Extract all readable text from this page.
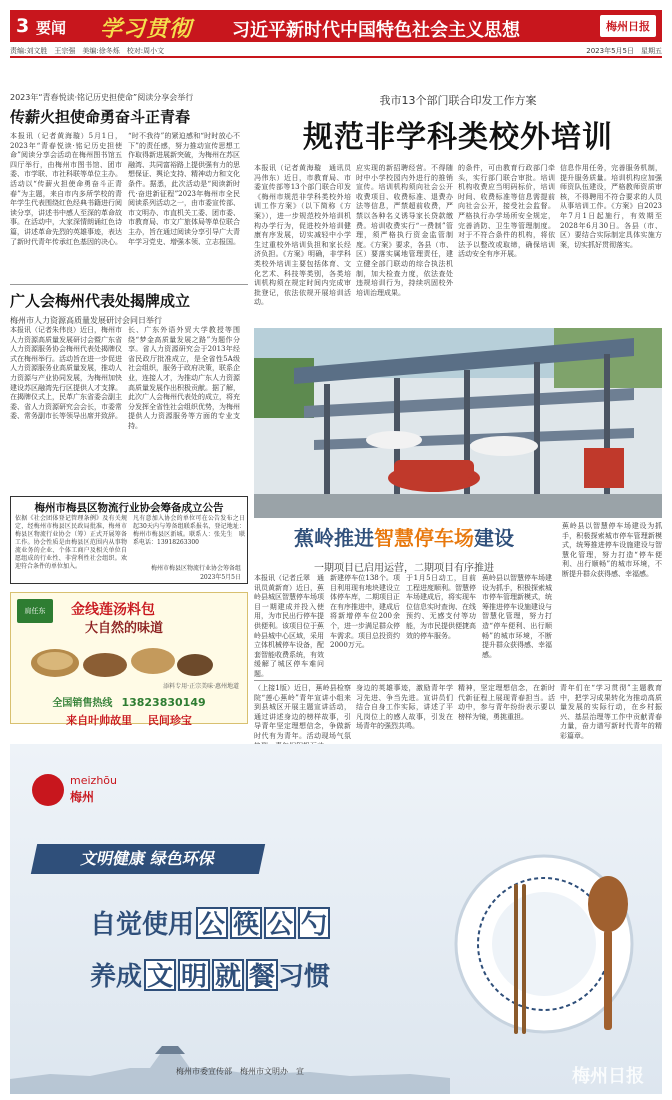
3 要闻 学习贯彻 习近平新时代中国特色社会主义思想	梅州日报
责编:刘文胜　王宗强　美编:徐冬烁　校对:周小文	2023年5月5日　星期五
2023年“青春悦读·铭记历史担使命”阅读分享会举行
传薪火担使命勇奋斗正青春
本报讯（记者黄海璇）5月1日，2023年“青春悦读·铭记历史担使命”阅读分享会活动在梅州图书馆五四厅举行，由梅州市图书馆、团市委、市学联、市社科联等单位主办。活动以“传薪火担使命勇奋斗正青春”为主题，来自市内多所学校的青年学生代表围绕红色经典书籍进行阅读分享，讲述书中感人至深的革命故事。在活动中，大家深情朗诵红色诗篇，讲述革命先烈的英雄事迹，表达了新时代青年传承红色基因的决心。
“时不我待”的紧迫感和“时时放心不下”的责任感，努力推动宣传思想工作取得新进展新突破，为梅州在苏区融湾、共同富裕路上提供强有力的思想保证、舆论支持、精神动力和文化条件。据悉，此次活动是“阅读新时代·奋进新征程”2023年梅州市全民阅读系列活动之一，由市委宣传部、市文明办、市直机关工委、团市委、市教育局、市文广旅体局等单位联合主办，旨在通过阅读分享引导广大青年学习党史、增强本领、立志报国。
广人会梅州代表处揭牌成立
梅州市人力资源高质量发展研讨会同日举行
本报讯（记者朱伟良）近日，梅州市人力资源高质量发展研讨会暨广东省人力资源服务协会梅州代表处揭牌仪式在梅州举行。活动旨在进一步促进人力资源服务业高质量发展，推动人力资源与产业协同发展，为梅州加快建设苏区融湾先行区提供人才支撑。在揭牌仪式上，民革广东省委会副主委、省人力资源研究会会长，市委常委、常务副市长等领导出席并致辞。
长、广东外语外贸大学教授等围绕“梦金高质量发展之路”为题作分享。省人力资源研究会于2013年经省民政厅批准成立，是全省性5A级社会组织，服务于政府决策，联系企业，连接人才，为推动广东人力资源高质量发展作出积极贡献。据了解，此次广人会梅州代表处的成立，将充分发挥全省性社会组织优势，为梅州提供人力资源服务等方面的专业支持。
梅州市梅县区物流行业协会筹备成立公告
依据《社会团体登记管理条例》及有关规定，经梅州市梅县区民政局批准，梅州市梅县区物流行业协会（筹）正式开展筹备工作。协会性质是由梅县区范围内从事物流业务的企业、个体工商户及相关单位自愿组成的行业性、非营利性社会组织。欢迎符合条件的单位加入。
凡有意加入协会的单位可在公告发布之日起30天内与筹备组联系报名，登记地址：梅州市梅县区新城。联系人：张先生　联系电话：13918263300
梅州市梅县区物流行业协会筹备组
2023年5月5日
肩任东	金线莲汤料包
大自然的味道
添料专用·正宗美味·惠州地道
全国销售热线 13823830149
来自叶帅故里 民间珍宝
我市13个部门联合印发工作方案
规范非学科类校外培训
本报讯（记者黄海璇　通讯员冯伟东）近日，市教育局、市委宣传部等13个部门联合印发《梅州市规范非学科类校外培训工作方案》（以下简称《方案》），进一步规范校外培训机构办学行为，促进校外培训健康有序发展，切实减轻中小学生过重校外培训负担和家长经济负担。《方案》明确，非学科类校外培训主要包括体育、文化艺术、科技等类别，各类培训机构须在规定时间内完成审批登记，依法依规开展培训活动。
应实现的新招聘经营。不得随时中小学校园内外进行的推销宣传。培训机构须向社会公开收费项目、收费标准、退费办法等信息，严禁超前收费，严禁以各种名义诱导家长贷款缴费。培训收费实行“一费制”管理，须严格执行资金监管制度。《方案》要求，各县（市、区）要落实属地管理责任，建立健全部门联动的综合执法机制，加大检查力度，依法查处违规培训行为，持续巩固校外培训治理成果。
的条件，可由教育行政部门牵头，实行部门联合审批。培训机构收费应当明码标价，培训时间、收费标准等信息需提前向社会公开，接受社会监督。严格执行办学场所安全规定，完善消防、卫生等管理制度。对于不符合条件的机构，将依法予以整改或取缔，确保培训活动安全有序开展。
信息作用任务，完善服务机制，提升服务质量。培训机构应加强师资队伍建设，严格教师资质审核，不得聘用不符合要求的人员从事培训工作。《方案》自2023年7月1日起施行，有效期至2028年6月30日。各县（市、区）要结合实际制定具体实施方案，切实抓好贯彻落实。
蕉岭推进智慧停车场建设
一期项目已启用运营，二期项目有序推进
本报讯（记者丘翠　通讯员黄新育）近日，蕉岭县城区智慧停车场项目一期建成并投入使用，为市民出行停车提供便利。该项目位于蕉岭县城中心区域，采用立体机械停车设备，配套智能收费系统，有效缓解了城区停车难问题。
新建停车位138个。项目利用现有地块建设立体停车库，二期项目正在有序推进中，建成后将新增停车位200余个，进一步满足群众停车需求。项目总投资约2000万元。
于1月5日动工，目前工程进度顺利。智慧停车场建成后，将实现车位信息实时查询、在线预约、无感支付等功能，为市民提供便捷高效的停车服务。
蕉岭县以智慧停车场建设为抓手，积极探索城市停车管理新模式，统筹推进停车设施建设与智慧化管理，努力打造“停车便利、出行顺畅”的城市环境，不断提升群众获得感、幸福感。
蕉岭县以智慧停车场建设为抓手，积极探索城市停车管理新模式，统筹推进停车设施建设与智慧化管理，努力打造“停车便利、出行顺畅”的城市环境，不断提升群众获得感、幸福感。
（上接1版）近日，蕉岭县检察院“莲心蕉岭”青年宣讲小组来到县城区开展主题宣讲活动，通过讲述身边的榜样故事，引导青年坚定理想信念，争做新时代有为青年。活动现场气氛
身边的英雄事迹，激励青年学习先进、争当先进。宣讲员们结合自身工作实际，讲述了平凡岗位上的感人故事，引发在场青年的强烈共鸣。
精神，坚定理想信念，在新时代新征程上展现青春担当。活动中，参与青年纷纷表示要以榜样为镜，勇挑重担。
青年们在“学习贯彻”主题教育中，把学习成果转化为推动高质量发展的实际行动，在乡村振兴、基层治理等工作中贡献青春力量，奋力谱写新时代青年的精彩篇章。
meizhōu
梅州
文明健康 绿色环保
自觉使用 公 筷 公 勺
养成 文 明 就 餐 习惯
梅州市委宣传部　梅州市文明办　宣	梅州日报
